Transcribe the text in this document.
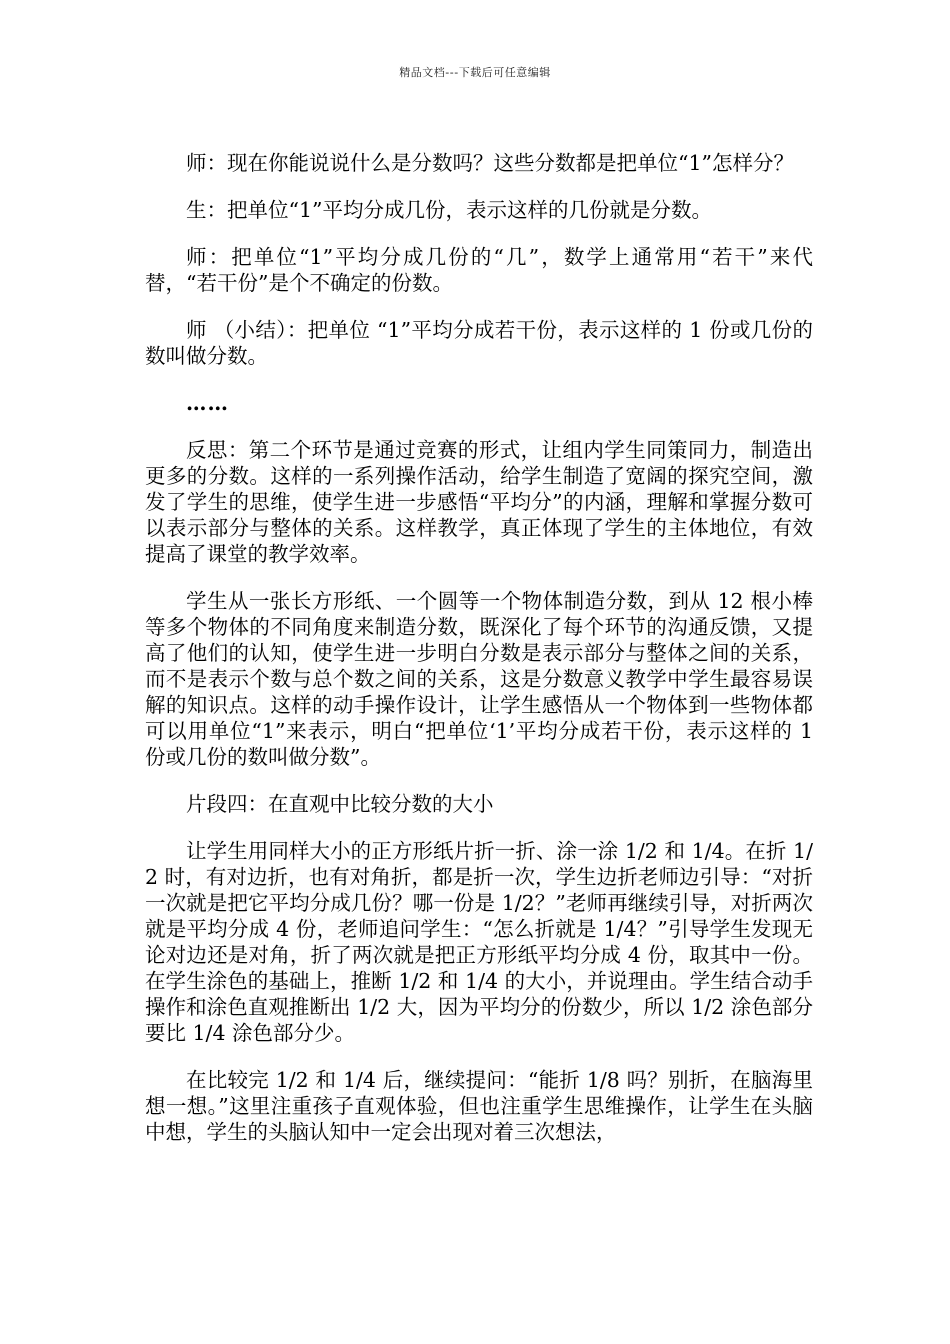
精品文档---下载后可任意编辑

师：现在你能说说什么是分数吗？这些分数都是把单位“1”怎样分？

生：把单位“1”平均分成几份，表示这样的几份就是分数。

师：把单位“1”平均分成几份的“几”，数学上通常用“若干”来代替，“若干份”是个不确定的份数。

师 （小结）：把单位 “1”平均分成若干份，表示这样的 1 份或几份的数叫做分数。

……

反思：第二个环节是通过竞赛的形式，让组内学生同策同力，制造出更多的分数。这样的一系列操作活动，给学生制造了宽阔的探究空间，激发了学生的思维，使学生进一步感悟“平均分”的内涵，理解和掌握分数可以表示部分与整体的关系。这样教学，真正体现了学生的主体地位，有效提高了课堂的教学效率。

学生从一张长方形纸、一个圆等一个物体制造分数，到从 12 根小棒等多个物体的不同角度来制造分数，既深化了每个环节的沟通反馈，又提高了他们的认知，使学生进一步明白分数是表示部分与整体之间的关系，而不是表示个数与总个数之间的关系，这是分数意义教学中学生最容易误解的知识点。这样的动手操作设计，让学生感悟从一个物体到一些物体都可以用单位“1”来表示，明白“把单位‘1’平均分成若干份，表示这样的 1 份或几份的数叫做分数”。

片段四：在直观中比较分数的大小

让学生用同样大小的正方形纸片折一折、涂一涂 1/2 和 1/4。在折 1/2 时，有对边折，也有对角折，都是折一次，学生边折老师边引导：“对折一次就是把它平均分成几份？哪一份是 1/2？”老师再继续引导，对折两次就是平均分成 4 份，老师追问学生：“怎么折就是 1/4？”引导学生发现无论对边还是对角，折了两次就是把正方形纸平均分成 4 份，取其中一份。在学生涂色的基础上，推断 1/2 和 1/4 的大小，并说理由。学生结合动手操作和涂色直观推断出 1/2 大，因为平均分的份数少，所以 1/2 涂色部分要比 1/4 涂色部分少。

在比较完 1/2 和 1/4 后，继续提问：“能折 1/8 吗？别折，在脑海里想一想。”这里注重孩子直观体验，但也注重学生思维操作，让学生在头脑中想，学生的头脑认知中一定会出现对着三次想法，
